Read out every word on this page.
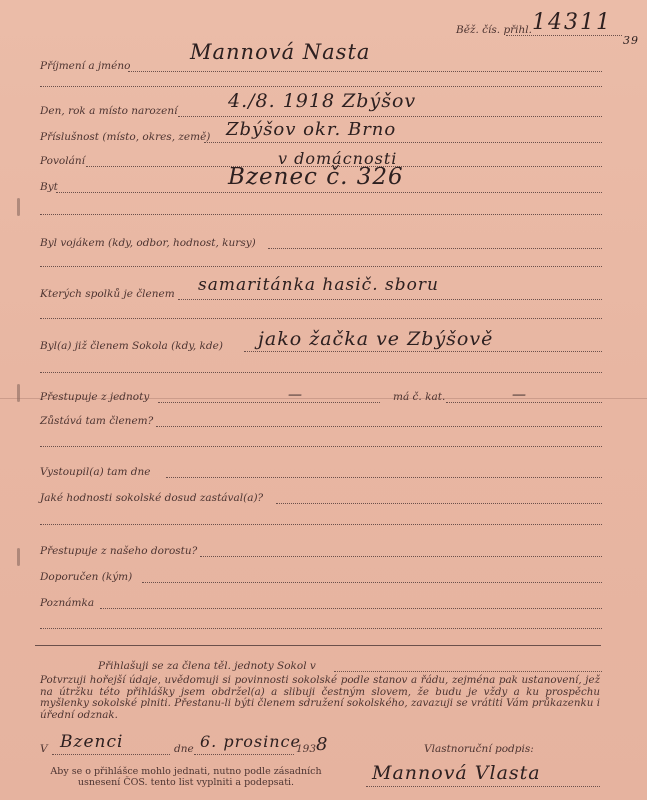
Běž. čís. přihl. 14311
39
Příjmení a jméno
Mannová Nasta
Den, rok a místo narození	4./8. 1918 Zbýšov
Příslušnost (místo, okres, země) Zbýšov okr. Brno
Povolání	v domácnosti
Byt	Bzenec č. 326
Byl vojákem (kdy, odbor, hodnost, kursy)
Kterých spolků je členem samaritánka hasič. sboru
Byl(a) již členem Sokola (kdy, kde) jako žačka ve Zbýšově
Přestupuje z jednoty	—	má č. kat.	—
Zůstává tam členem?
Vystoupil(a) tam dne
Jaké hodnosti sokolské dosud zastával(a)?
Přestupuje z našeho dorostu?
Doporučen (kým)
Poznámka
Přihlašuji se za člena těl. jednoty Sokol v
Potvrzuji hořejší údaje, uvědomuji si povinnosti sokolské podle stanov a řádu, zejména pak ustanovení, jež na útržku této přihlášky jsem obdržel(a) a slibuji čestným slovem, že budu je vždy a ku prospěchu myšlenky sokolské plniti. Přestanu-li býti členem sdružení sokolského, zavazuji se vrátiti Vám průkazenku i úřední odznak.
V Bzenci	dne 6. prosince
193 8	Vlastnoruční podpis:
Mannová Vlasta
Aby se o přihlášce mohlo jednati, nutno podle zásadních usnesení ČOS. tento list vyplniti a podepsati.
